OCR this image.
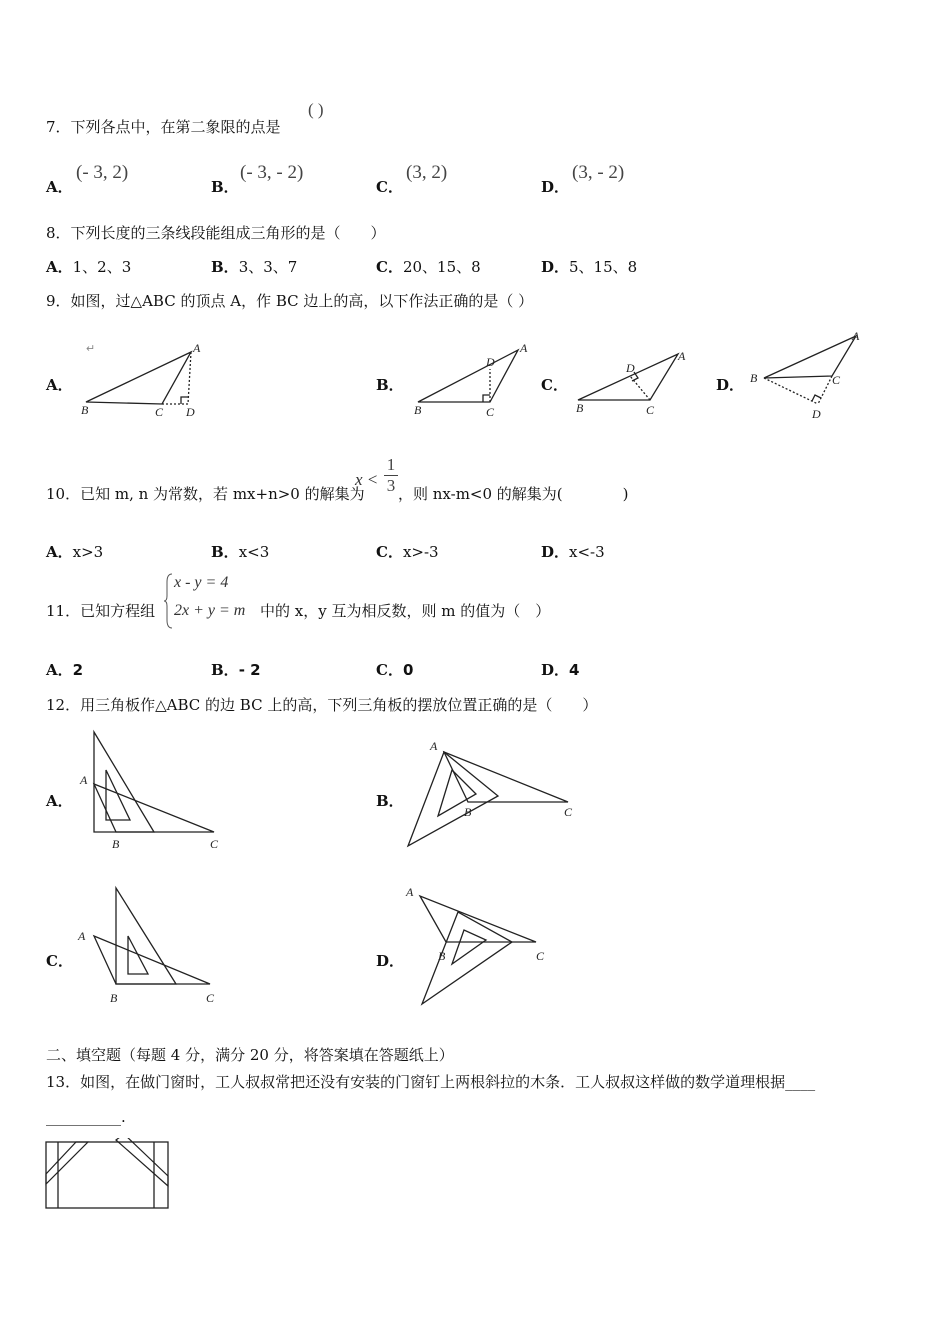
7．下列各点中，在第二象限的点是
( )
A．
(- 3, 2)
B．
(- 3, - 2)
C．
(3, 2)
D．
(3, - 2)
8．下列长度的三条线段能组成三角形的是（　　）
A．1、2、3	B．3、3、7	C．20、15、8	D．5、15、8
9．如图，过△ABC 的顶点 A，作 BC 边上的高，以下作法正确的是（ ）
A．
↵	A
B	C D
B．
A
B	C
D
C．
A
B	C
D
D．
A
B	C
D
10．已知 m, n 为常数，若 mx+n>0 的解集为
x <
1
3 ，则 nx-m<0 的解集为(　　　　)
A．x>3	B．x<3	C．x>-3	D．x<-3
11．已知方程组
x - y = 4
2x + y = m 中的 x，y 互为相反数，则 m 的值为（　）
A．2	B．- 2	C．0	D．4
12．用三角板作△ABC 的边 BC 上的高，下列三角板的摆放位置正确的是（　　）
A．
A
B	C
B．
A
B	C
C．
A
B	C
D．
A
B	C
二、填空题（每题 4 分，满分 20 分，将答案填在答题纸上）
13．如图，在做门窗时，工人叔叔常把还没有安装的门窗钉上两根斜拉的木条．工人叔叔这样做的数学道理根据____
__________.
